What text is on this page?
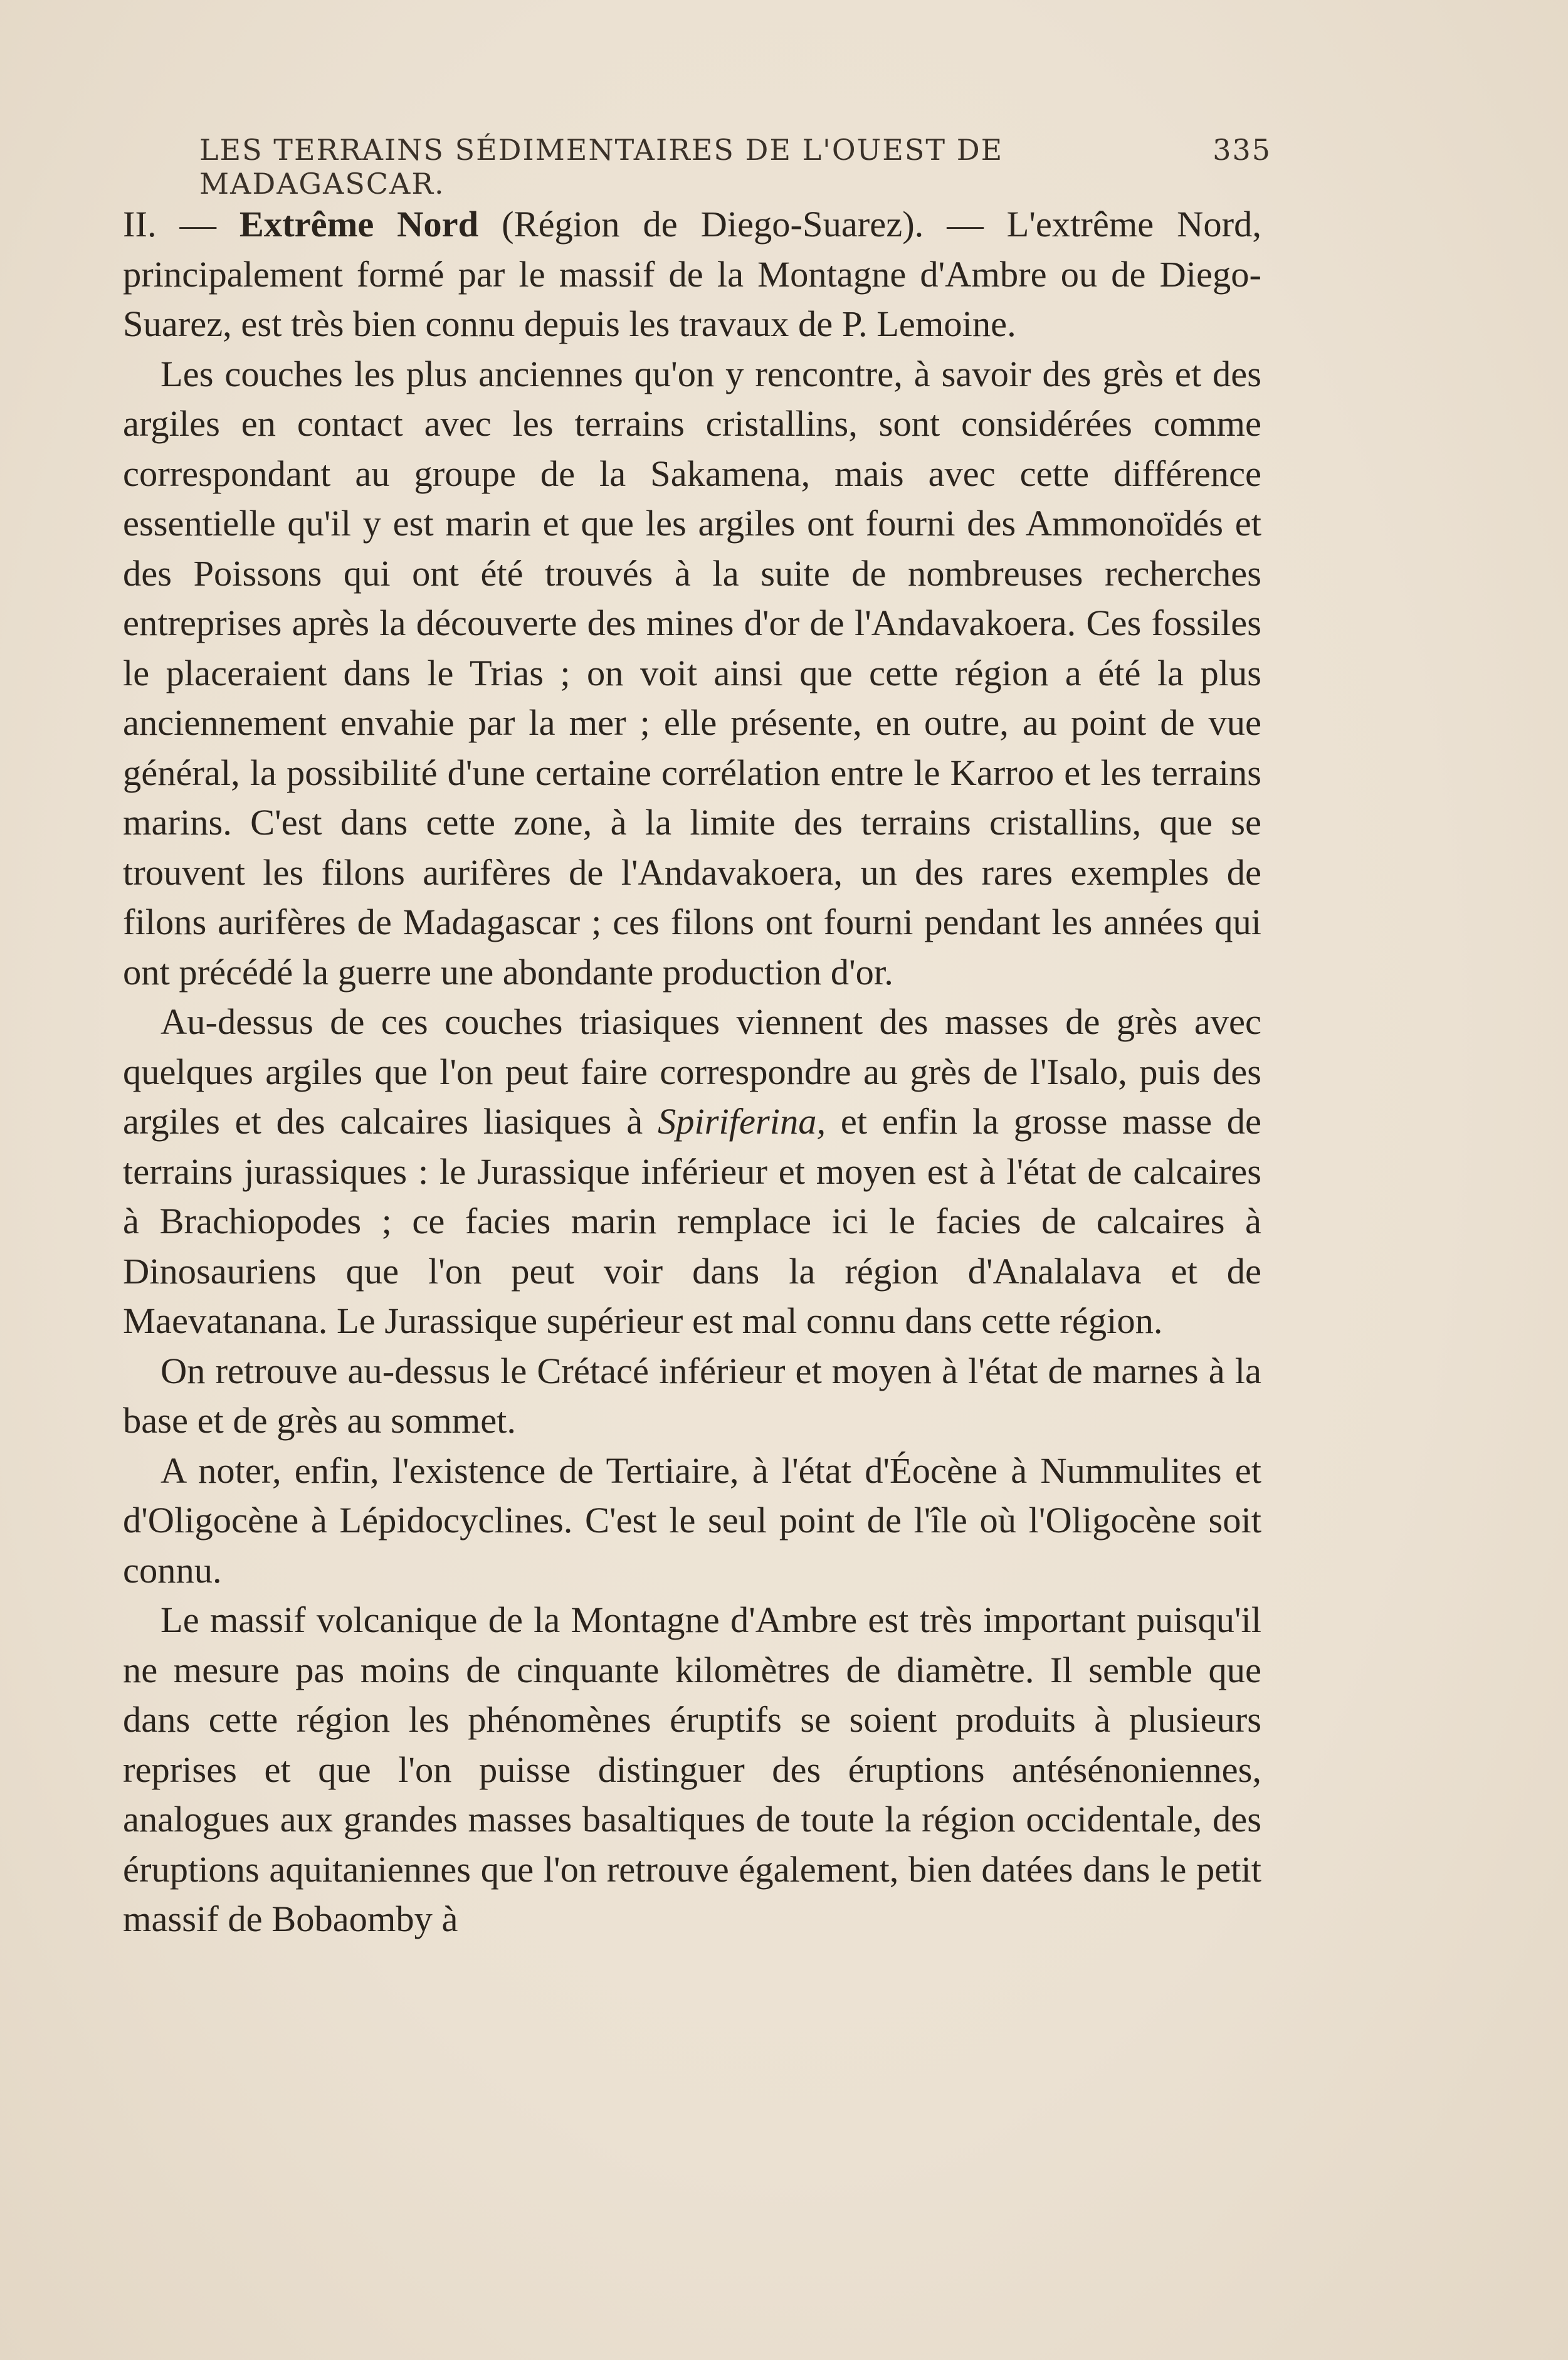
LES TERRAINS SÉDIMENTAIRES DE L'OUEST DE MADAGASCAR.
335

II. — Extrême Nord (Région de Diego-Suarez). — L'extrême Nord, principalement formé par le massif de la Montagne d'Ambre ou de Diego-Suarez, est très bien connu depuis les travaux de P. Lemoine.

Les couches les plus anciennes qu'on y rencontre, à savoir des grès et des argiles en contact avec les terrains cristallins, sont considérées comme correspondant au groupe de la Sakamena, mais avec cette différence essentielle qu'il y est marin et que les argiles ont fourni des Ammonoïdés et des Poissons qui ont été trouvés à la suite de nombreuses recherches entreprises après la découverte des mines d'or de l'Andavakoera. Ces fossiles le placeraient dans le Trias ; on voit ainsi que cette région a été la plus anciennement envahie par la mer ; elle présente, en outre, au point de vue général, la possibilité d'une certaine corrélation entre le Karroo et les terrains marins. C'est dans cette zone, à la limite des terrains cristallins, que se trouvent les filons aurifères de l'Andavakoera, un des rares exemples de filons aurifères de Madagascar ; ces filons ont fourni pendant les années qui ont précédé la guerre une abondante production d'or.

Au-dessus de ces couches triasiques viennent des masses de grès avec quelques argiles que l'on peut faire correspondre au grès de l'Isalo, puis des argiles et des calcaires liasiques à Spiriferina, et enfin la grosse masse de terrains jurassiques : le Jurassique inférieur et moyen est à l'état de calcaires à Brachiopodes ; ce facies marin remplace ici le facies de calcaires à Dinosauriens que l'on peut voir dans la région d'Analalava et de Maevatanana. Le Jurassique supérieur est mal connu dans cette région.

On retrouve au-dessus le Crétacé inférieur et moyen à l'état de marnes à la base et de grès au sommet.

A noter, enfin, l'existence de Tertiaire, à l'état d'Éocène à Nummulites et d'Oligocène à Lépidocyclines. C'est le seul point de l'île où l'Oligocène soit connu.

Le massif volcanique de la Montagne d'Ambre est très important puisqu'il ne mesure pas moins de cinquante kilomètres de diamètre. Il semble que dans cette région les phénomènes éruptifs se soient produits à plusieurs reprises et que l'on puisse distinguer des éruptions antésénoniennes, analogues aux grandes masses basaltiques de toute la région occidentale, des éruptions aquitaniennes que l'on retrouve également, bien datées dans le petit massif de Bobaomby à
